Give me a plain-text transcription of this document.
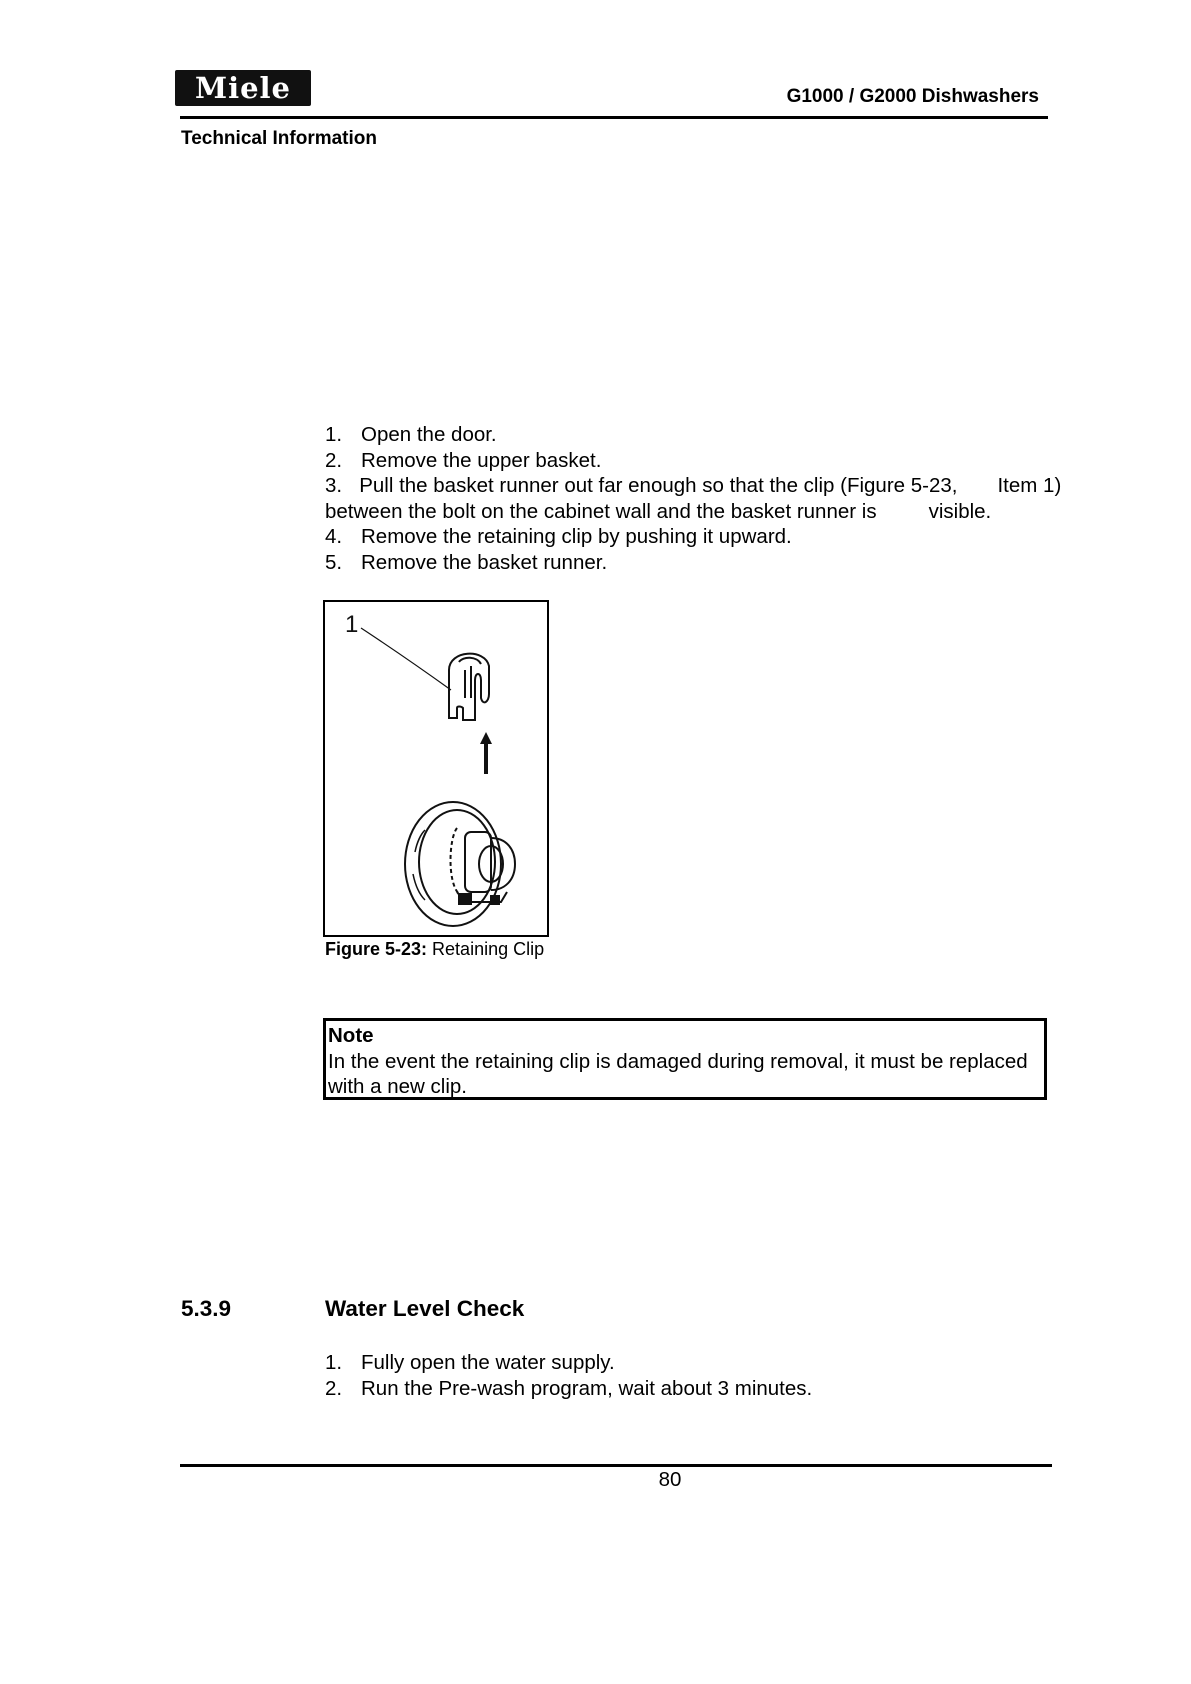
Miele	G1000 / G2000 Dishwashers
Technical Information
1. Open the door.
2. Remove the upper basket.
3. Pull the basket runner out far enough so that the clip (Figure 5-23, Item 1)
between the bolt on the cabinet wall and the basket runner is	visible.
4. Remove the retaining clip by pushing it upward.
5. Remove the basket runner.
1
Figure 5-23: Retaining Clip
Note
In the event the retaining clip is damaged during removal, it must be replaced with a new clip.
5.3.9	Water Level Check
1. Fully open the water supply.
2. Run the Pre-wash program, wait about 3 minutes.
80
